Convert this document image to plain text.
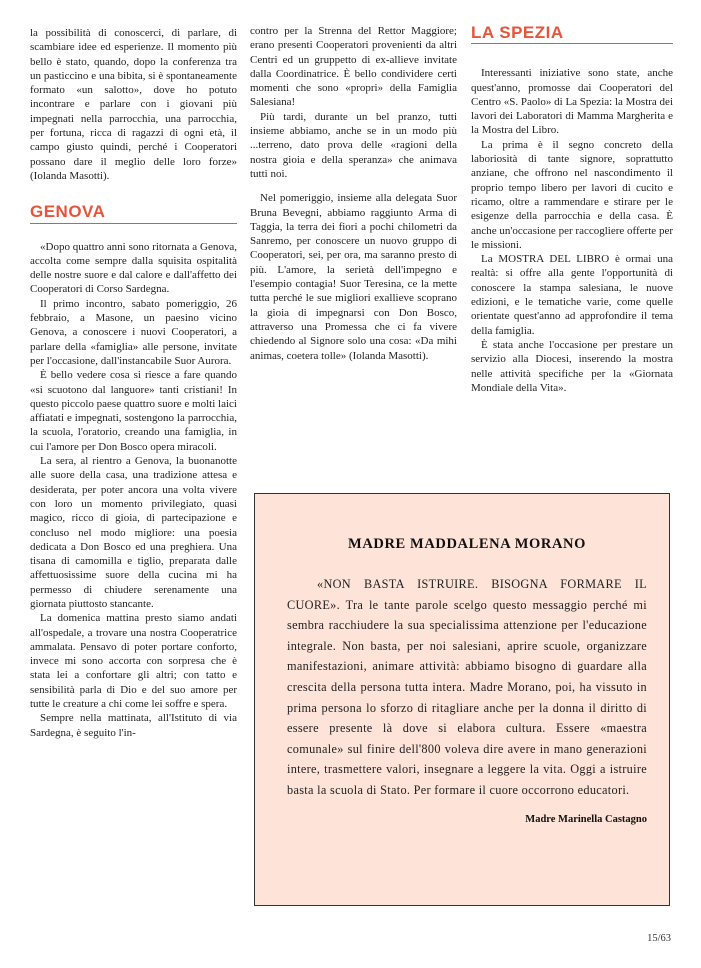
la possibilità di conoscerci, di parlare, di scambiare idee ed esperienze. Il momento più bello è stato, quando, dopo la conferenza tra un pasticcino e una bibita, si è spontaneamente formato «un salotto», dove ho potuto incontrare e parlare con i giovani più impegnati nella parrocchia, una parrocchia, per fortuna, ricca di ragazzi di ogni età, il campo giusto quindi, perché i Cooperatori possano dare il meglio delle loro forze» (Iolanda Masotti).

GENOVA

«Dopo quattro anni sono ritornata a Genova, accolta come sempre dalla squisita ospitalità delle nostre suore e dal calore e dall'affetto dei Cooperatori di Corso Sardegna.

Il primo incontro, sabato pomeriggio, 26 febbraio, a Masone, un paesino vicino Genova, a conoscere i nuovi Cooperatori, a parlare della «famiglia» alle persone, invitate per l'occasione, dall'instancabile Suor Aurora.

È bello vedere cosa si riesce a fare quando «si scuotono dal languore» tanti cristiani! In questo piccolo paese quattro suore e molti laici affiatati e impegnati, sostengono la parrocchia, la scuola, l'oratorio, creando una famiglia, in cui l'amore per Don Bosco opera miracoli.

La sera, al rientro a Genova, la buonanotte alle suore della casa, una tradizione attesa e desiderata, per poter ancora una volta vivere con loro un momento privilegiato, quasi magico, ricco di gioia, di partecipazione e concluso nel modo migliore: una poesia dedicata a Don Bosco ed una preghiera. Una tisana di camomilla e tiglio, preparata dalle affettuosissime suore della cucina mi ha permesso di chiudere serenamente una giornata piuttosto stancante.

La domenica mattina presto siamo andati all'ospedale, a trovare una nostra Cooperatrice ammalata. Pensavo di poter portare conforto, invece mi sono accorta con sorpresa che è stata lei a confortare gli altri; con tatto e sensibilità parla di Dio e del suo amore per tutte le creature a chi come lei soffre e spera.

Sempre nella mattinata, all'Istituto di via Sardegna, è seguito l'in-

contro per la Strenna del Rettor Maggiore; erano presenti Cooperatori provenienti da altri Centri ed un gruppetto di ex-allieve invitate dalla Coordinatrice. È bello condividere certi momenti che sono «propri» della Famiglia Salesiana!

Più tardi, durante un bel pranzo, tutti insieme abbiamo, anche se in un modo più ...terreno, dato prova delle «ragioni della nostra gioia e della speranza» che animava tutti noi.

Nel pomeriggio, insieme alla delegata Suor Bruna Bevegni, abbiamo raggiunto Arma di Taggia, la terra dei fiori a pochi chilometri da Sanremo, per conoscere un nuovo gruppo di Cooperatori, sei, per ora, ma saranno presto di più. L'amore, la serietà dell'impegno e l'esempio contagia! Suor Teresina, ce la mette tutta perché le sue migliori exallieve scoprano la gioia di impegnarsi con Don Bosco, attraverso una Promessa che ci fa vivere chiedendo al Signore solo una cosa: «Da mihi animas, coetera tolle» (Iolanda Masotti).

LA SPEZIA

Interessanti iniziative sono state, anche quest'anno, promosse dai Cooperatori del Centro «S. Paolo» di La Spezia: la Mostra dei lavori dei Laboratori di Mamma Margherita e la Mostra del Libro.

La prima è il segno concreto della laboriosità di tante signore, soprattutto anziane, che offrono nel nascondimento il proprio tempo libero per lavori di cucito e ricamo, oltre a rammendare e stirare per le esigenze della parrocchia e della casa. È anche un'occasione per raccogliere offerte per le missioni.

La MOSTRA DEL LIBRO è ormai una realtà: si offre alla gente l'opportunità di conoscere la stampa salesiana, le nuove edizioni, e le tematiche varie, come quelle orientate quest'anno ad approfondire il tema della famiglia.

È stata anche l'occasione per prestare un servizio alla Diocesi, inserendo la mostra nelle attività specifiche per la «Giornata Mondiale della Vita».

MADRE MADDALENA MORANO

«NON BASTA ISTRUIRE. BISOGNA FORMARE IL CUORE». Tra le tante parole scelgo questo messaggio perché mi sembra racchiudere la sua specialissima attenzione per l'educazione integrale. Non basta, per noi salesiani, aprire scuole, organizzare manifestazioni, animare attività: abbiamo bisogno di guardare alla crescita della persona tutta intera. Madre Morano, poi, ha vissuto in prima persona lo sforzo di ritagliare anche per la donna il diritto di essere presente là dove si elabora cultura. Essere «maestra comunale» sul finire dell'800 voleva dire avere in mano generazioni intere, trasmettere valori, insegnare a leggere la vita. Oggi a istruire basta la scuola di Stato. Per formare il cuore occorrono educatori.

Madre Marinella Castagno

15/63
